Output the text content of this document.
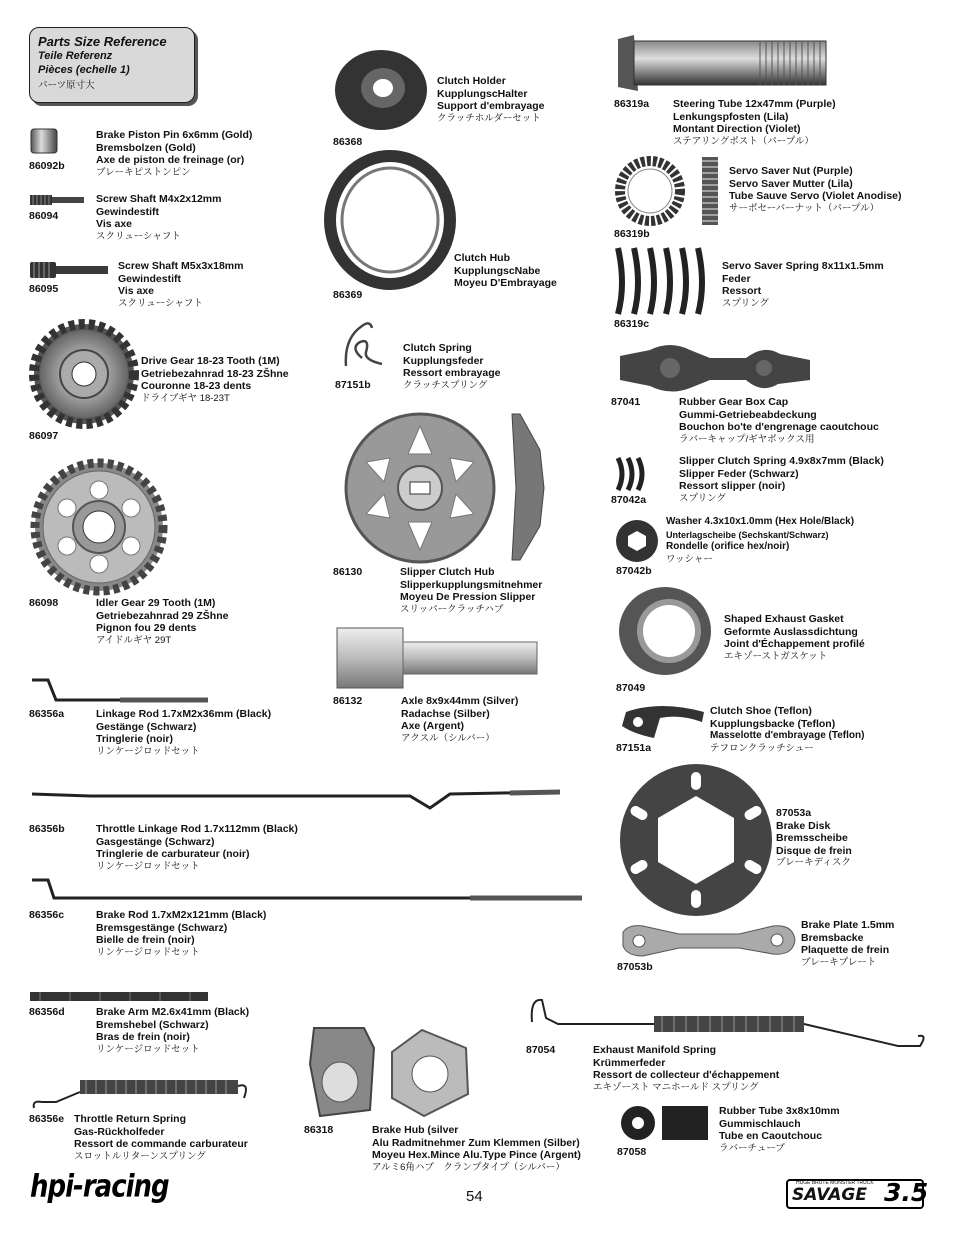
Parts Size Reference
Teile Referenz
Pièces (echelle 1)
パーツ原寸大
86092b
Brake Piston Pin 6x6mm (Gold)
Bremsbolzen (Gold)
Axe de piston de freinage (or)
ブレーキピストンピン
86094
Screw Shaft M4x2x12mm
Gewindestift
Vis axe
スクリューシャフト
86095
Screw Shaft M5x3x18mm
Gewindestift
Vis axe
スクリューシャフト
86097
Drive Gear 18-23 Tooth (1M)
Getriebezahnrad 18-23 ZŠhne
Couronne 18-23 dents
ドライブギヤ 18-23T
86098	Idler Gear 29 Tooth (1M)
Getriebezahnrad 29 ZŠhne
Pignon fou 29 dents
アイドルギヤ 29T
86356a	Linkage Rod 1.7xM2x36mm (Black)
Gestänge (Schwarz)
Tringlerie (noir)
リンケージロッドセット
86356b	Throttle Linkage Rod 1.7x112mm (Black)
Gasgestänge (Schwarz)
Tringlerie de carburateur (noir)
リンケージロッドセット
86356c	Brake Rod 1.7xM2x121mm (Black)
Bremsgestänge (Schwarz)
Bielle de frein (noir)
リンケージロッドセット
86356d	Brake Arm M2.6x41mm (Black)
Bremshebel (Schwarz)
Bras de frein (noir)
リンケージロッドセット
86356e Throttle Return Spring
Gas-Rückholfeder
Ressort de commande carburateur
スロットルリターンスプリング
86368
Clutch Holder
KupplungscHalter
Support d'embrayage
クラッチホルダーセット
86369
Clutch Hub
KupplungscNabe
Moyeu D'Embrayage
87151b
Clutch Spring
Kupplungsfeder
Ressort embrayage
クラッチスプリング
86130	Slipper Clutch Hub
Slipperkupplungsmitnehmer
Moyeu De Pression Slipper
スリッパークラッチハブ
86132	Axle 8x9x44mm (Silver)
Radachse (Silber)
Axe (Argent)
アクスル（シルバー）
86318	Brake Hub (silver
Alu Radmitnehmer Zum Klemmen (Silber)
Moyeu Hex.Mince Alu.Type Pince (Argent)
アルミ6角ハブ　クランプタイプ（シルバー）
87054	Exhaust Manifold Spring
Krümmerfeder
Ressort de collecteur d'échappement
エキゾースト マニホールド スプリング
86319a Steering Tube 12x47mm (Purple)
Lenkungspfosten (Lila)
Montant Direction (Violet)
ステアリングポスト（パープル）
86319b
Servo Saver Nut (Purple)
Servo Saver Mutter (Lila)
Tube Sauve Servo (Violet Anodise)
サーボセーバーナット（パープル）
86319c
Servo Saver Spring 8x11x1.5mm
Feder
Ressort
スプリング
87041	Rubber Gear Box Cap
Gummi-Getriebeabdeckung
Bouchon bo'te d'engrenage caoutchouc
ラバーキャップ/ギヤボックス用
87042a
Slipper Clutch Spring 4.9x8x7mm (Black)
Slipper Feder (Schwarz)
Ressort slipper (noir)
スプリング
87042b
Washer 4.3x10x1.0mm (Hex Hole/Black)
Unterlagscheibe (Sechskant/Schwarz)
Rondelle (orifice hex/noir)
ワッシャー
87049
Shaped Exhaust Gasket
Geformte Auslassdichtung
Joint d'Échappement profilé
エキゾーストガスケット
87151a
Clutch Shoe (Teflon)
Kupplungsbacke (Teflon)
Masselotte d'embrayage (Teflon)
テフロンクラッチシュー
87053a
Brake Disk
Bremsscheibe
Disque de frein
ブレーキディスク
87053b
Brake Plate 1.5mm
Bremsbacke
Plaquette de frein
ブレーキプレート
87058
Rubber Tube 3x8x10mm
Gummischlauch
Tube en Caoutchouc
ラバーチューブ
hpi-racing	54
HUGE BRUTE MONSTER TRUCK
SAVAGE 3.5
